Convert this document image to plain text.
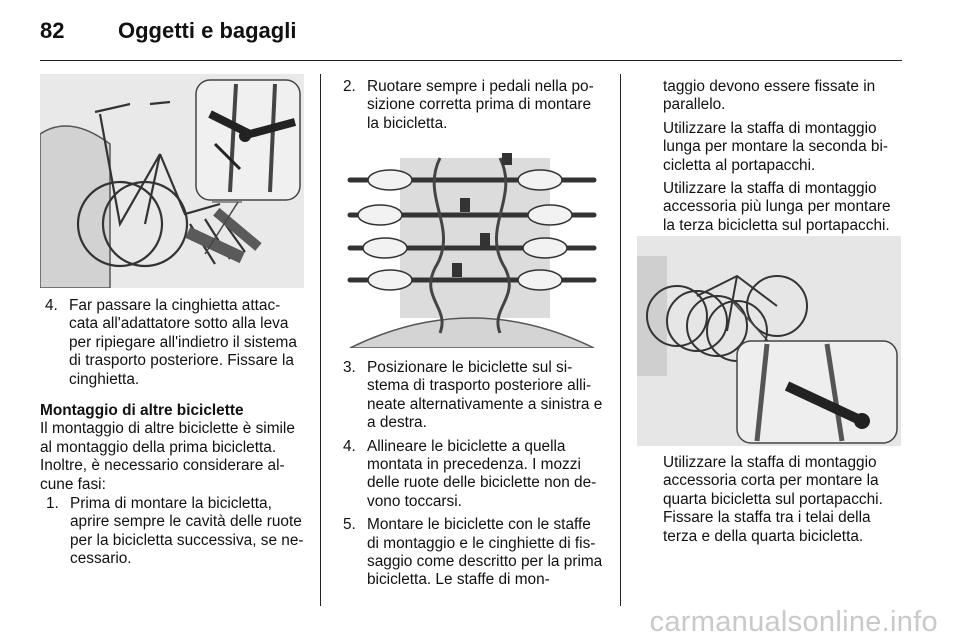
82 Oggetti e bagagli
4. Far passare la cinghietta attac-cata all'adattatore sotto alla leva per ripiegare all'indietro il sistema di trasporto posteriore. Fissare la cinghietta.

Montaggio di altre biciclette

Il montaggio di altre biciclette è simile al montaggio della prima bicicletta. Inoltre, è necessario considerare al-cune fasi:

1. Prima di montare la bicicletta, aprire sempre le cavità delle ruote per la bicicletta successiva, se ne-cessario.
2. Ruotare sempre i pedali nella po-sizione corretta prima di montare la bicicletta.
3. Posizionare le biciclette sul si-stema di trasporto posteriore alli-neate alternativamente a sinistra e a destra.
4. Allineare le biciclette a quella montata in precedenza. I mozzi delle ruote delle biciclette non de-vono toccarsi.
5. Montare le biciclette con le staffe di montaggio e le cinghiette di fis-saggio come descritto per la prima bicicletta. Le staffe di mon-

taggio devono essere fissate in parallelo.

Utilizzare la staffa di montaggio lunga per montare la seconda bi-cicletta al portapacchi.

Utilizzare la staffa di montaggio accessoria più lunga per montare la terza bicicletta sul portapacchi.

Utilizzare la staffa di montaggio accessoria corta per montare la quarta bicicletta sul portapacchi. Fissare la staffa tra i telai della terza e della quarta bicicletta.

carmanualsonline.info
